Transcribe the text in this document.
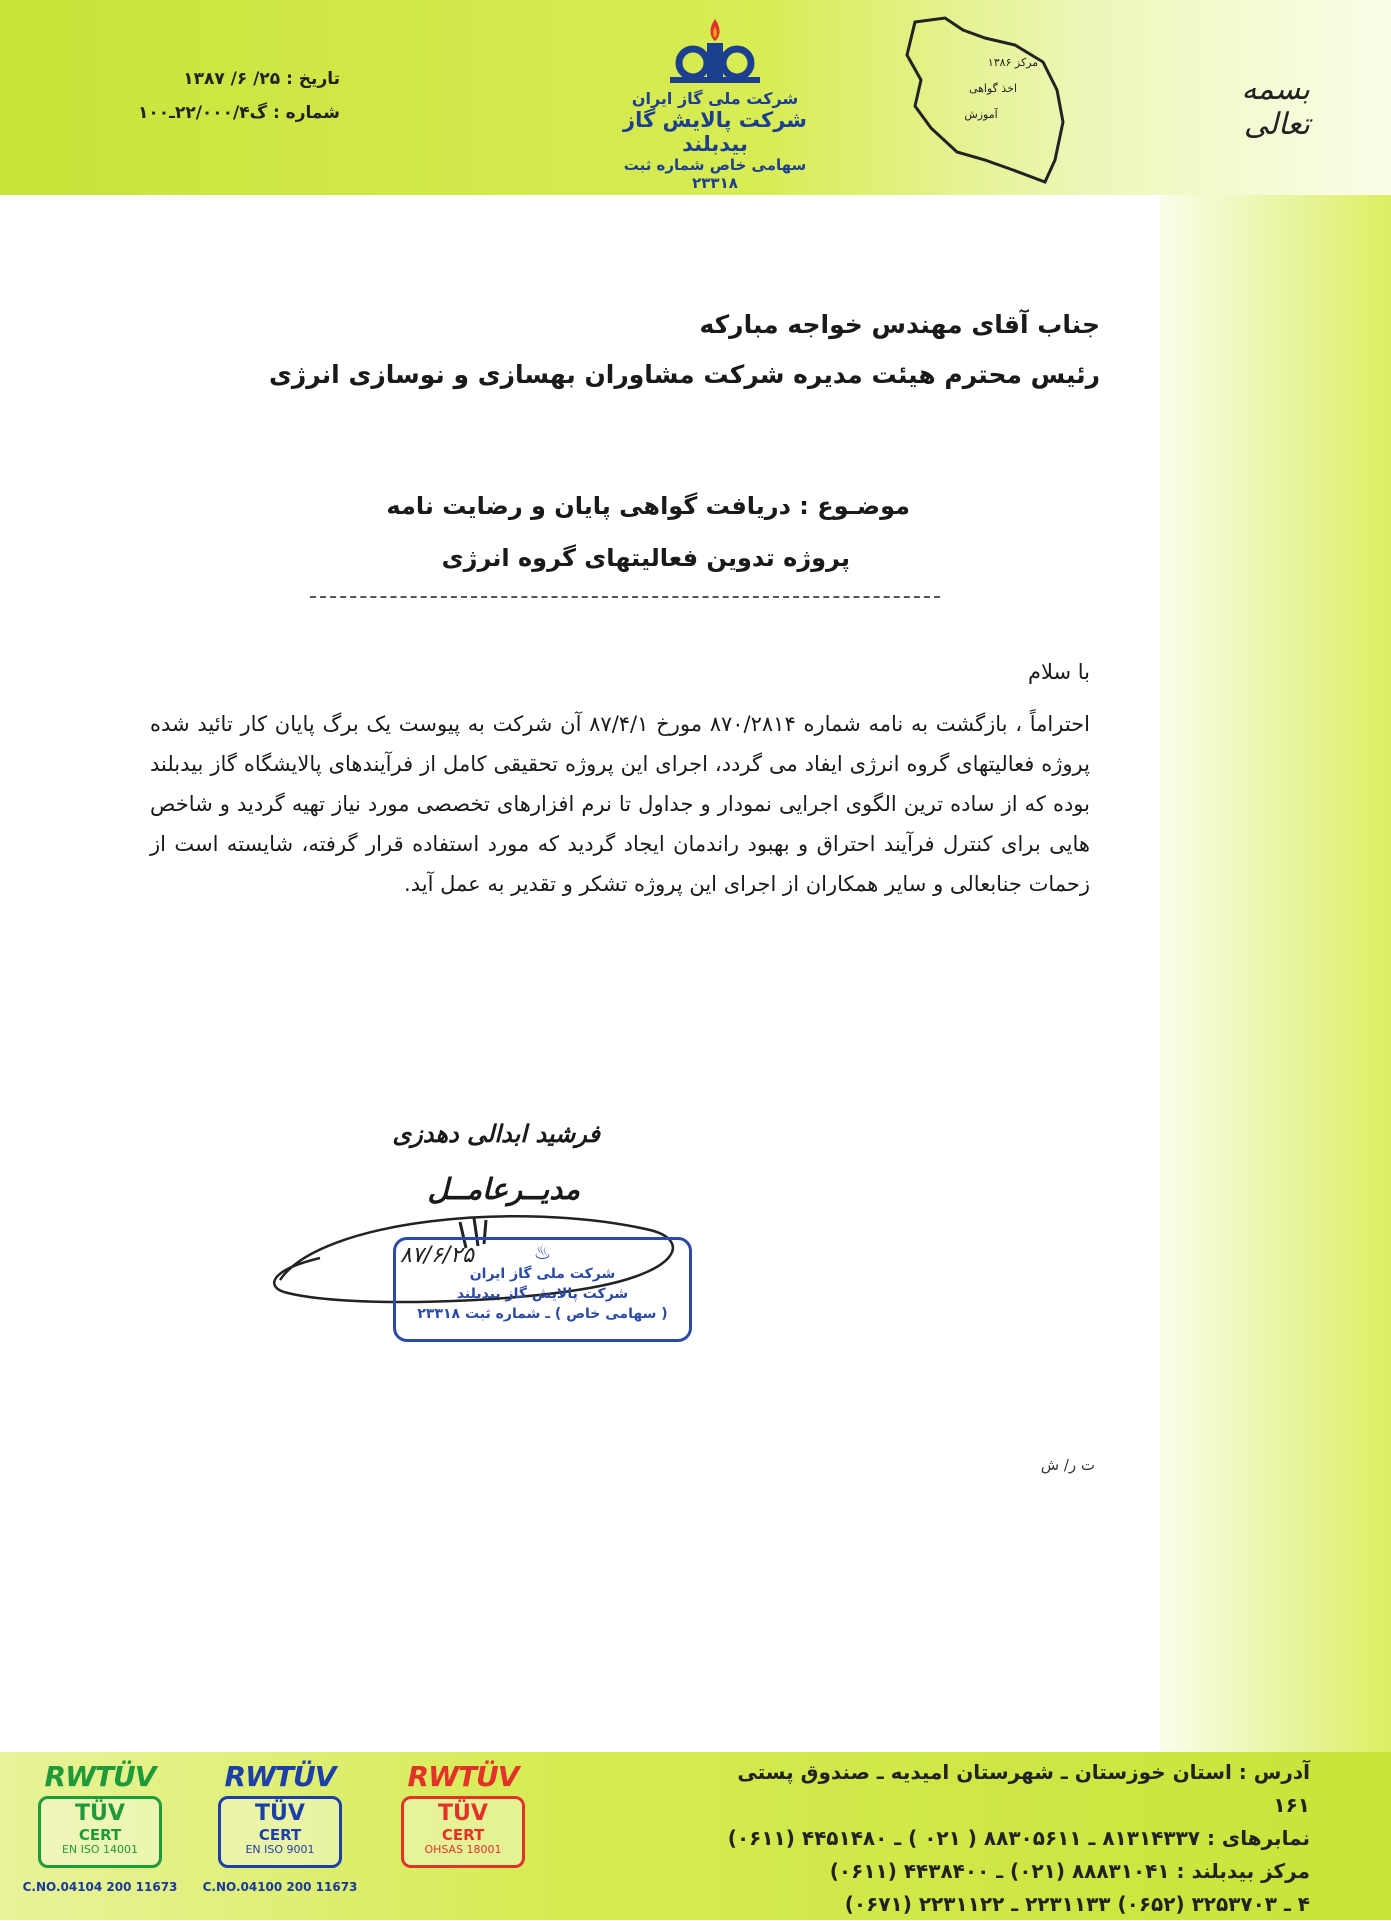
بسمه تعالی
مرکز ۱۳۸۶
اخذ گواهی
آموزش
شرکت ملی گاز ایران
شرکت پالایش گاز بیدبلند
سهامی خاص شماره ثبت ۲۳۳۱۸
تاریخ : ۲۵/ ۶/ ۱۳۸۷
شماره : گ۲۲/۰۰۰/۴ـ۱۰۰
جناب آقای مهندس خواجه مبارکه
رئیس محترم هیئت مدیره شرکت مشاوران بهسازی و نوسازی انرژی
موضـوع : دریافت گواهی پایان و رضایت نامه
پروژه تدوین فعالیتهای گروه انرژی
با سلام
احتراماً ، بازگشت به نامه شماره ۸۷۰/۲۸۱۴ مورخ ۸۷/۴/۱ آن شرکت به پیوست یک برگ پایان کار تائید شده پروژه فعالیتهای گروه انرژی ایفاد می گردد، اجرای این پروژه تحقیقی کامل از فرآیندهای پالایشگاه گاز بیدبلند بوده که از ساده ترین الگوی اجرایی نمودار و جداول تا نرم افزارهای تخصصی مورد نیاز تهیه گردید و شاخص هایی برای کنترل فرآیند احتراق و بهبود راندمان ایجاد گردید که مورد استفاده قرار گرفته، شایسته است از زحمات جنابعالی و سایر همکاران از اجرای این پروژه تشکر و تقدیر به عمل آید.
فرشید ابدالی دهدزی
مدیــرعامــل
۸۷/۶/۲۵	♨
شرکت ملی گاز ایران
شرکت پالایش گاز بیدبلند
( سهامی خاص ) ـ شماره ثبت ۲۳۳۱۸
ت ر/ ش
آدرس : استان خوزستان ـ شهرستان امیدیه ـ صندوق پستی ۱۶۱
نمابرهای : ۸۱۳۱۴۳۳۷ ـ ۸۸۳۰۵۶۱۱ ( ۰۲۱ ) ـ ۴۴۵۱۴۸۰ (۰۶۱۱)
مرکز بیدبلند : ۸۸۸۳۱۰۴۱ (۰۲۱) ـ ۴۴۳۸۴۰۰ (۰۶۱۱)
۴ ـ ۳۲۵۳۷۰۳ (۰۶۵۲) ۲۲۳۱۱۳۳ ـ ۲۲۳۱۱۲۲ (۰۶۷۱)
RWTÜV
TÜV
CERT
EN ISO 14001
C.NO.04104 200 11673
RWTÜV
TÜV
CERT
EN ISO 9001
C.NO.04100 200 11673
RWTÜV
TÜV
CERT
OHSAS 18001
